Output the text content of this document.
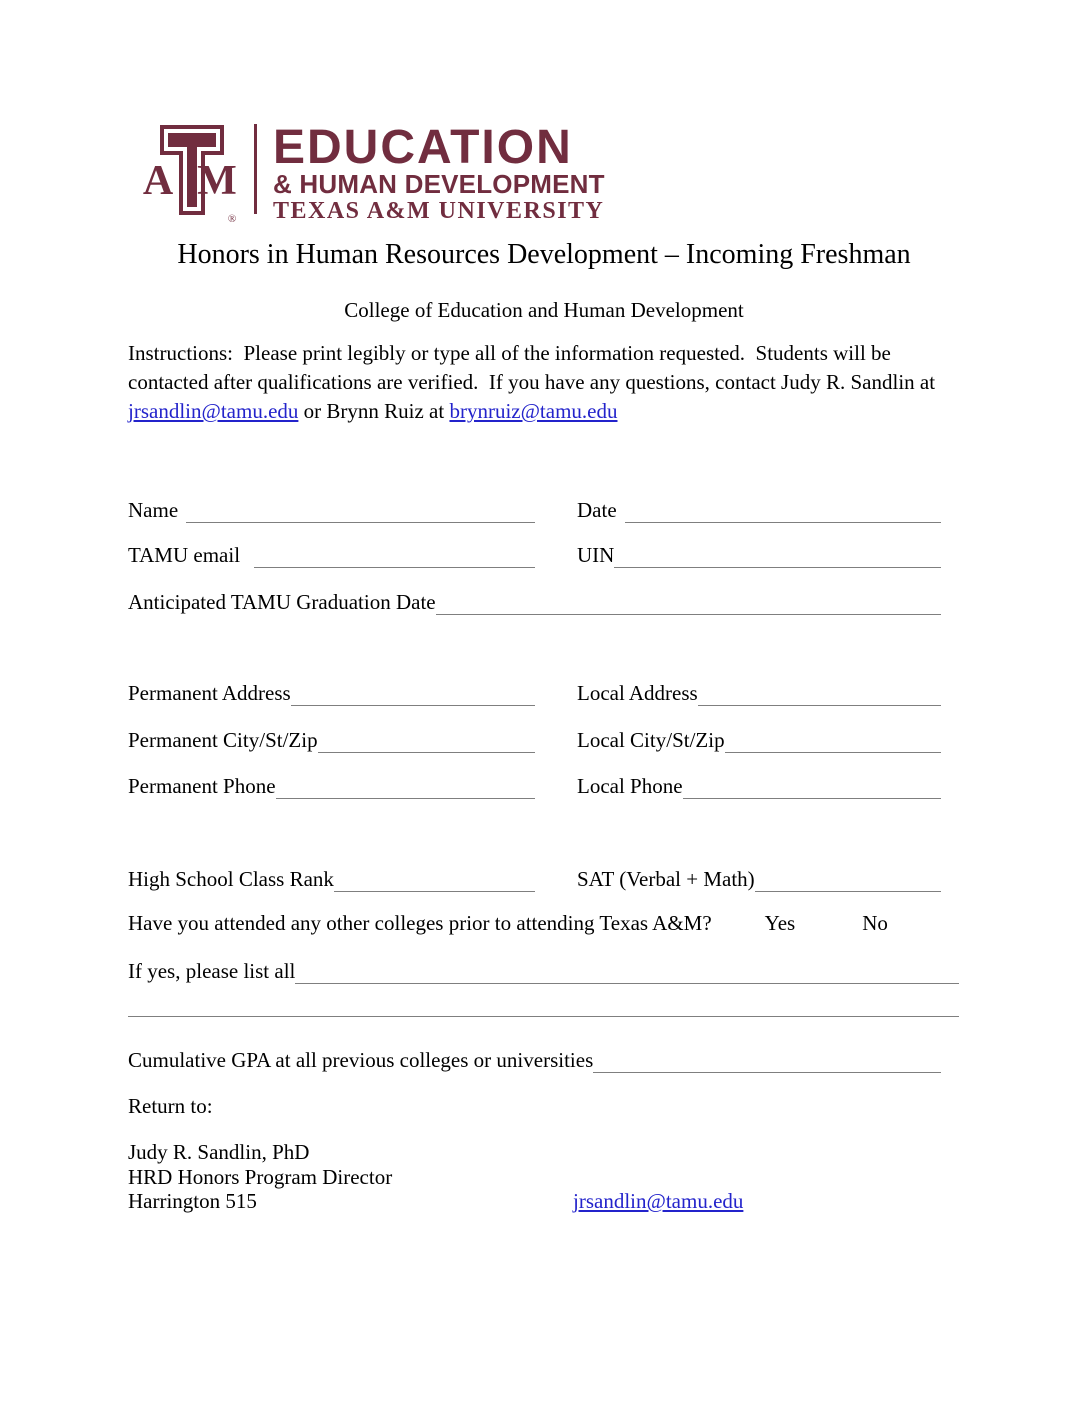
A M
®
EDUCATION
& HUMAN DEVELOPMENT
TEXAS A&M UNIVERSITY
Honors in Human Resources Development – Incoming Freshman
College of Education and Human Development

Instructions:  Please print legibly or type all of the information requested.  Students will be contacted after qualifications are verified.  If you have any questions, contact Judy R. Sandlin at jrsandlin@tamu.edu or Brynn Ruiz at brynruiz@tamu.edu

Name	Date
TAMU email	UIN
Anticipated TAMU Graduation Date
Permanent Address	Local Address
Permanent City/St/Zip	Local City/St/Zip
Permanent Phone	Local Phone
High School Class Rank	SAT (Verbal + Math)
Have you attended any other colleges prior to attending Texas A&M?	Yes	No
If yes, please list all
Cumulative GPA at all previous colleges or universities
Return to:
Judy R. Sandlin, PhD
HRD Honors Program Director
Harrington 515	jrsandlin@tamu.edu
